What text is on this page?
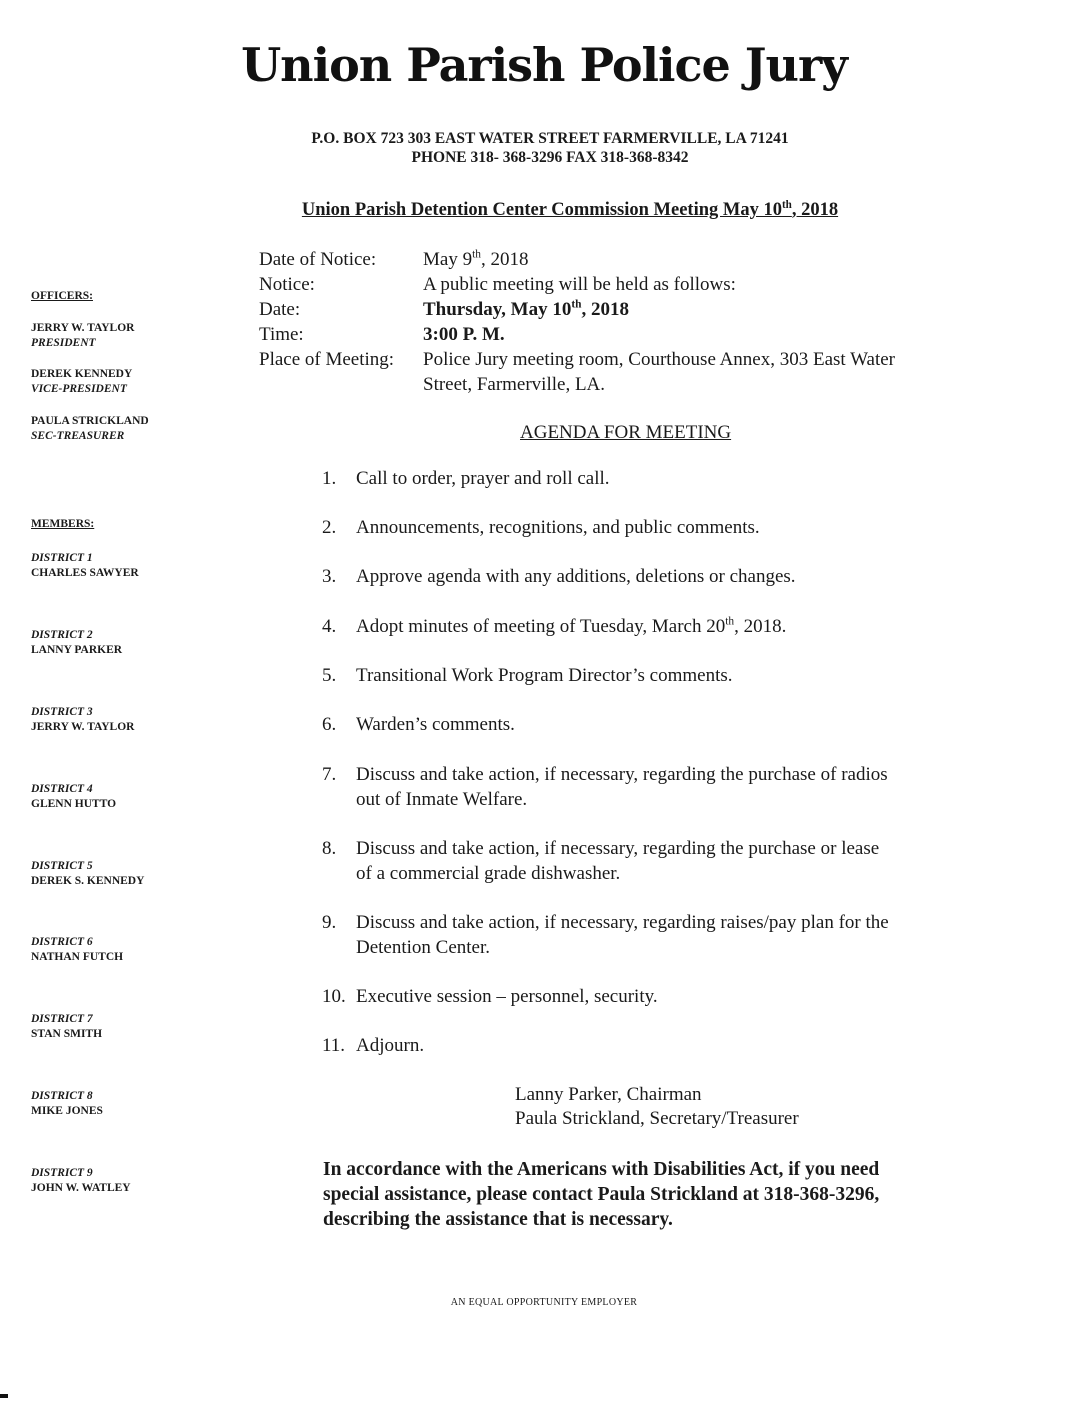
Union Parish Police Jury
P.O. BOX 723 303 EAST WATER STREET FARMERVILLE, LA 71241
PHONE 318- 368-3296 FAX 318-368-8342
Union Parish Detention Center Commission Meeting May 10th, 2018
Date of Notice:	May 9th, 2018
Notice:	A public meeting will be held as follows:
Date:	Thursday, May 10th, 2018
Time:	3:00 P. M.
Place of Meeting:	Police Jury meeting room, Courthouse Annex, 303 East Water
Street, Farmerville, LA.
AGENDA FOR MEETING
1.	Call to order, prayer and roll call.
2.	Announcements, recognitions, and public comments.
3.	Approve agenda with any additions, deletions or changes.
4.	Adopt minutes of meeting of Tuesday, March 20th, 2018.
5.	Transitional Work Program Director’s comments.
6.	Warden’s comments.
7.	Discuss and take action, if necessary, regarding the purchase of radios
out of Inmate Welfare.
8.	Discuss and take action, if necessary, regarding the purchase or lease
of a commercial grade dishwasher.
9.	Discuss and take action, if necessary, regarding raises/pay plan for the
Detention Center.
10. Executive session – personnel, security.
11. Adjourn.
Lanny Parker, Chairman
Paula Strickland, Secretary/Treasurer
In accordance with the Americans with Disabilities Act, if you need
special assistance, please contact Paula Strickland at 318-368-3296,
describing the assistance that is necessary.
AN EQUAL OPPORTUNITY EMPLOYER
OFFICERS:
JERRY W. TAYLOR
PRESIDENT
DEREK KENNEDY
VICE-PRESIDENT
PAULA STRICKLAND
SEC-TREASURER
MEMBERS:
DISTRICT 1
CHARLES SAWYER
DISTRICT 2
LANNY PARKER
DISTRICT 3
JERRY W. TAYLOR
DISTRICT 4
GLENN HUTTO
DISTRICT 5
DEREK S. KENNEDY
DISTRICT 6
NATHAN FUTCH
DISTRICT 7
STAN SMITH
DISTRICT 8
MIKE JONES
DISTRICT 9
JOHN W. WATLEY
